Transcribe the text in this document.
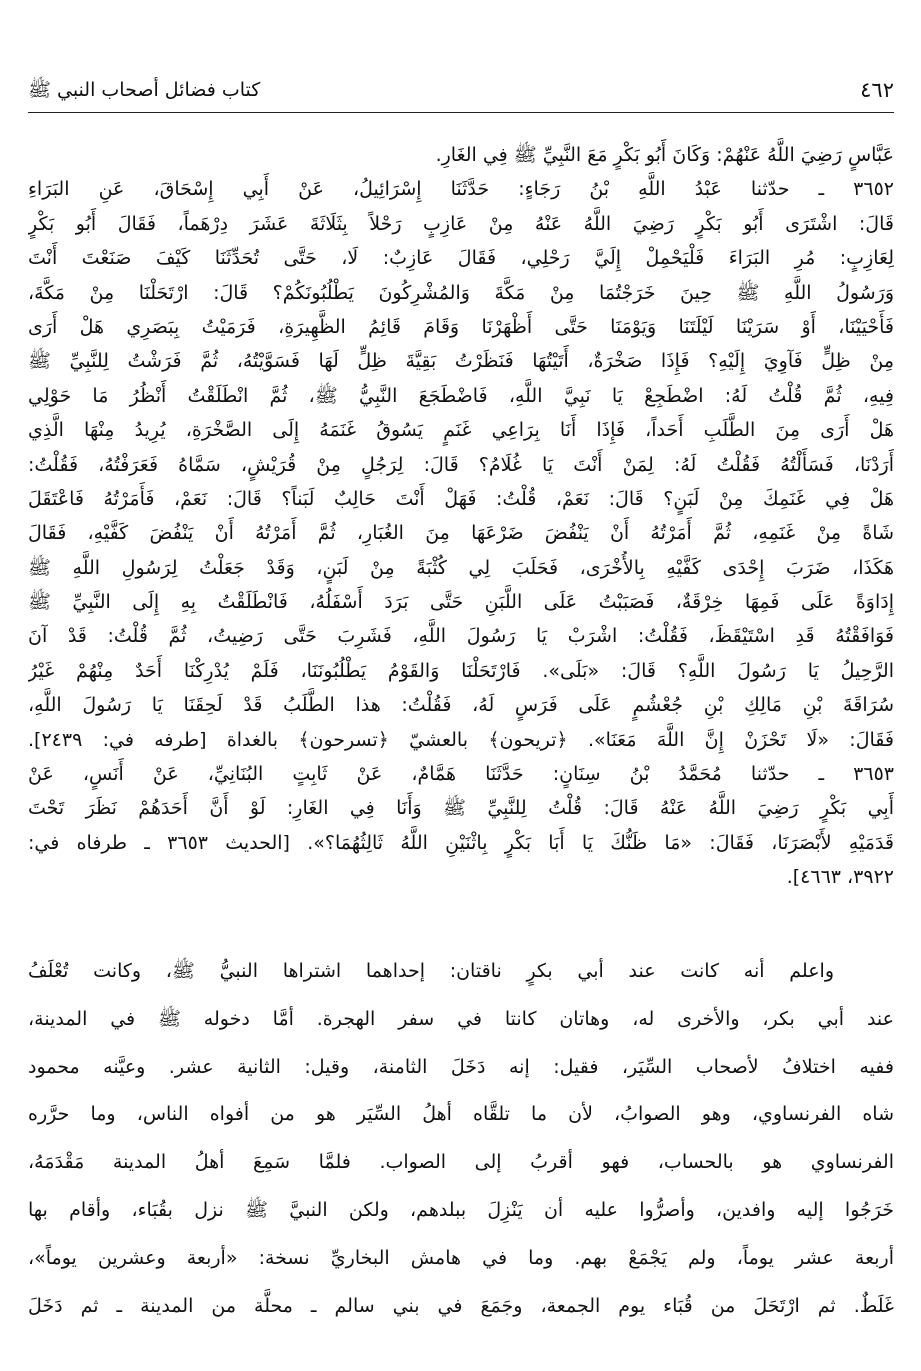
٤٦٢
كتاب فضائل أصحاب النبي ﷺ
عَبَّاسٍ رَضِيَ اللَّهُ عَنْهُمْ: وَكَانَ أَبُو بَكْرٍ مَعَ النَّبِيِّ ﷺ فِي الغَارِ.
٣٦٥٢ ـ حدّثنا عَبْدُ اللَّهِ بْنُ رَجَاءٍ: حَدَّثَنَا إِسْرَائِيلُ، عَنْ أَبِي إِسْحَاقَ، عَنِ البَرَاءِ
قَالَ: اشْتَرَى أَبُو بَكْرٍ رَضِيَ اللَّهُ عَنْهُ مِنْ عَازِبٍ رَحْلاً بِثَلَاثَةَ عَشَرَ دِرْهَماً، فَقَالَ أَبُو بَكْرٍ
لِعَازِبٍ: مُرِ البَرَاءَ فَلْيَحْمِلْ إِلَيَّ رَحْلِي، فَقَالَ عَازِبٌ: لَا، حَتَّى تُحَدِّثَنَا كَيْفَ صَنَعْتَ أَنْتَ
وَرَسُولُ اللَّهِ ﷺ حِينَ خَرَجْتُمَا مِنْ مَكَّةَ وَالمُشْرِكُونَ يَطْلُبُونَكُمْ؟ قَالَ: ارْتَحَلْنَا مِنْ مَكَّةَ،
فَأَحْيَيْنَا، أَوْ سَرَيْنَا لَيْلَتَنَا وَيَوْمَنَا حَتَّى أَظْهَرْنَا وَقَامَ قَائِمُ الظَّهِيرَةِ، فَرَمَيْتُ بِبَصَرِي هَلْ أَرَى
مِنْ ظِلٍّ فَآوِيَ إِلَيْهِ؟ فَإِذَا صَخْرَةٌ، أَتَيْتُهَا فَنَظَرْتُ بَقِيَّةَ ظِلٍّ لَهَا فَسَوَّيْتُهُ، ثُمَّ فَرَشْتُ لِلنَّبِيِّ ﷺ
فِيهِ، ثُمَّ قُلْتُ لَهُ: اضْطَجِعْ يَا نَبِيَّ اللَّهِ، فَاضْطَجَعَ النَّبِيُّ ﷺ، ثُمَّ انْطَلَقْتُ أَنْظُرُ مَا حَوْلِي
هَلْ أَرَى مِنَ الطَّلَبِ أَحَداً، فَإِذَا أَنَا بِرَاعِي غَنَمٍ يَسُوقُ غَنَمَهُ إِلَى الصَّخْرَةِ، يُرِيدُ مِنْهَا الَّذِي
أَرَدْنَا، فَسَأَلْتُهُ فَقُلْتُ لَهُ: لِمَنْ أَنْتَ يَا غُلَامُ؟ قَالَ: لِرَجُلٍ مِنْ قُرَيْشٍ، سَمَّاهُ فَعَرَفْتُهُ، فَقُلْتُ:
هَلْ فِي غَنَمِكَ مِنْ لَبَنٍ؟ قَالَ: نَعَمْ، قُلْتُ: فَهَلْ أَنْتَ حَالِبٌ لَبَناً؟ قَالَ: نَعَمْ، فَأَمَرْتُهُ فَاعْتَقَلَ
شَاةً مِنْ غَنَمِهِ، ثُمَّ أَمَرْتُهُ أَنْ يَنْفُضَ ضَرْعَهَا مِنَ الغُبَارِ، ثُمَّ أَمَرْتُهُ أَنْ يَنْفُضَ كَفَّيْهِ، فَقَالَ
هَكَذَا، ضَرَبَ إِحْدَى كَفَّيْهِ بِالأُخْرَى، فَحَلَبَ لِي كُثْبَةً مِنْ لَبَنٍ، وَقَدْ جَعَلْتُ لِرَسُولِ اللَّهِ ﷺ
إِدَاوَةً عَلَى فَمِهَا خِرْقَةٌ، فَصَبَبْتُ عَلَى اللَّبَنِ حَتَّى بَرَدَ أَسْفَلُهُ، فَانْطَلَقْتُ بِهِ إِلَى النَّبِيِّ ﷺ
فَوَافَقْتُهُ قَدِ اسْتَيْقَظَ، فَقُلْتُ: اشْرَبْ يَا رَسُولَ اللَّهِ، فَشَرِبَ حَتَّى رَضِيتُ، ثُمَّ قُلْتُ: قَدْ آنَ
الرَّحِيلُ يَا رَسُولَ اللَّهِ؟ قَالَ: «بَلَى». فَارْتَحَلْنَا وَالقَوْمُ يَطْلُبُونَنَا، فَلَمْ يُدْرِكْنَا أَحَدٌ مِنْهُمْ غَيْرُ
سُرَاقَةَ بْنِ مَالِكِ بْنِ جُعْشُمٍ عَلَى فَرَسٍ لَهُ، فَقُلْتُ: هذا الطَّلَبُ قَدْ لَحِقَنَا يَا رَسُولَ اللَّهِ،
فَقَالَ: «لَا تَحْزَنْ إِنَّ اللَّهَ مَعَنَا». ﴿تريحون﴾ بالعشيّ ﴿تسرحون﴾ بالغداة [طرفه في: ٢٤٣٩].
٣٦٥٣ ـ حدّثنا مُحَمَّدُ بْنُ سِنَانٍ: حَدَّثَنَا هَمَّامٌ، عَنْ ثَابِتٍ البُنَانِيِّ، عَنْ أَنَسٍ، عَنْ
أَبِي بَكْرٍ رَضِيَ اللَّهُ عَنْهُ قَالَ: قُلْتُ لِلنَّبِيِّ ﷺ وَأَنَا فِي الغَارِ: لَوْ أَنَّ أَحَدَهُمْ نَظَرَ تَحْتَ
قَدَمَيْهِ لأَبْصَرَنَا، فَقَالَ: «مَا ظَنُّكَ يَا أَبَا بَكْرٍ بِاثْنَيْنِ اللَّهُ ثَالِثُهُمَا؟». [الحديث ٣٦٥٣ ـ طرفاه في:
٣٩٢٢، ٤٦٦٣].
واعلم أنه كانت عند أبي بكرٍ ناقتان: إحداهما اشتراها النبيُّ ﷺ، وكانت تُعْلَفُ
عند أبي بكر، والأخرى له، وهاتان كانتا في سفر الهجرة. أمَّا دخوله ﷺ في المدينة،
ففيه اختلافُ لأصحاب السِّيَر، فقيل: إنه دَخَلَ الثامنة، وقيل: الثانية عشر. وعيَّنه محمود
شاه الفرنساوي، وهو الصوابُ، لأن ما تلقَّاه أهلُ السِّيَر هو من أفواه الناس، وما حرَّره
الفرنساوي هو بالحساب، فهو أقربُ إلى الصواب. فلمَّا سَمِعَ أهلُ المدينة مَقْدَمَهُ،
خَرَجُوا إليه وافدين، وأصرُّوا عليه أن يَنْزِلَ ببلدهم، ولكن النبيَّ ﷺ نزل بقُبَاء، وأقام بها
أربعة عشر يوماً، ولم يَجْمَعْ بهم. وما في هامش البخاريِّ نسخة: «أربعة وعشرين يوماً»،
غَلَطٌ. ثم ارْتَحَلَ من قُبَاء يوم الجمعة، وجَمَعَ في بني سالم ـ محلَّة من المدينة ـ ثم دَخَلَ
